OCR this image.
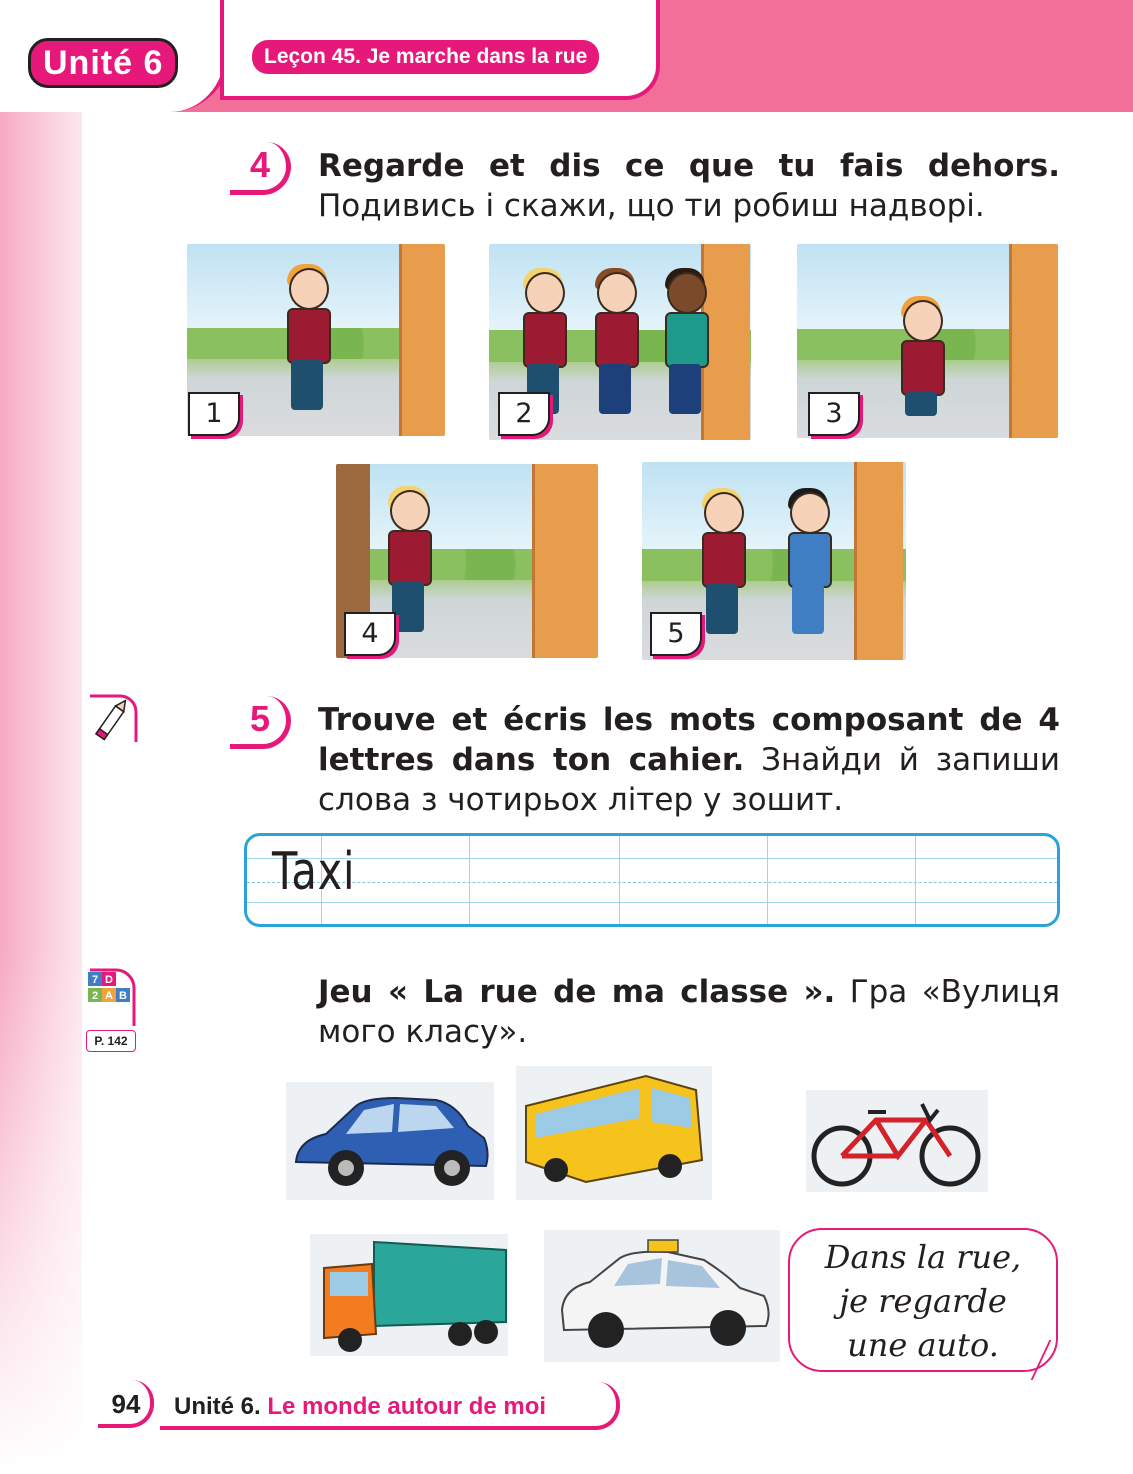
Unité 6	Leçon 45. Je marche dans la rue
4	Regarde et dis ce que tu fais dehors. Подивись і скажи, що ти робиш надворі.
1	2	3
4	5
5	Trouve et écris les mots composant de 4 lettres dans ton cahier. Знайди й запиши слова з чотирьох літер у зошит.
Taxi
7 D
2 A B
P. 142
Jeu « La rue de ma classe ». Гра «Вулиця мого класу».
Dans la rue,
je regarde
une auto.
94	Unité 6. Le monde autour de moi
